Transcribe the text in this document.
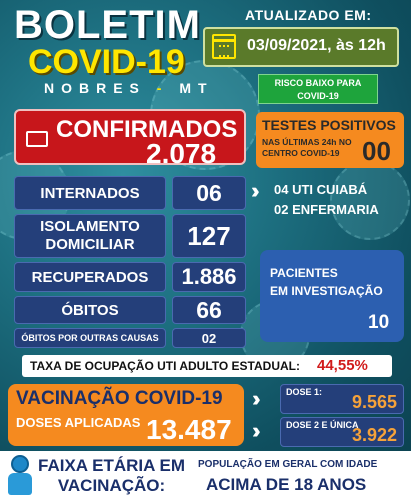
BOLETIM
COVID-19
NOBRES - MT
ATUALIZADO EM:
03/09/2021, às 12h
RISCO BAIXO PARA
COVID-19
CONFIRMADOS
2.078
TESTES POSITIVOS
NAS ÚLTIMAS 24h NO
CENTRO COVID-19 00
INTERNADOS 06
ISOLAMENTO
DOMICILIAR 127
RECUPERADOS 1.886
ÓBITOS	66
ÓBITOS POR OUTRAS CAUSAS	02
›› 04 UTI CUIABÁ
02 ENFERMARIA
PACIENTES
EM INVESTIGAÇÃO
10
TAXA DE OCUPAÇÃO UTI ADULTO ESTADUAL: 44,55%
VACINAÇÃO COVID-19
DOSES APLICADAS 13.487
››	DOSE 1: 9.565
››	DOSE 2 E ÚNICA
3.922
FAIXA ETÁRIA EM
VACINAÇÃO:
POPULAÇÃO EM GERAL COM IDADE
ACIMA DE 18 ANOS
